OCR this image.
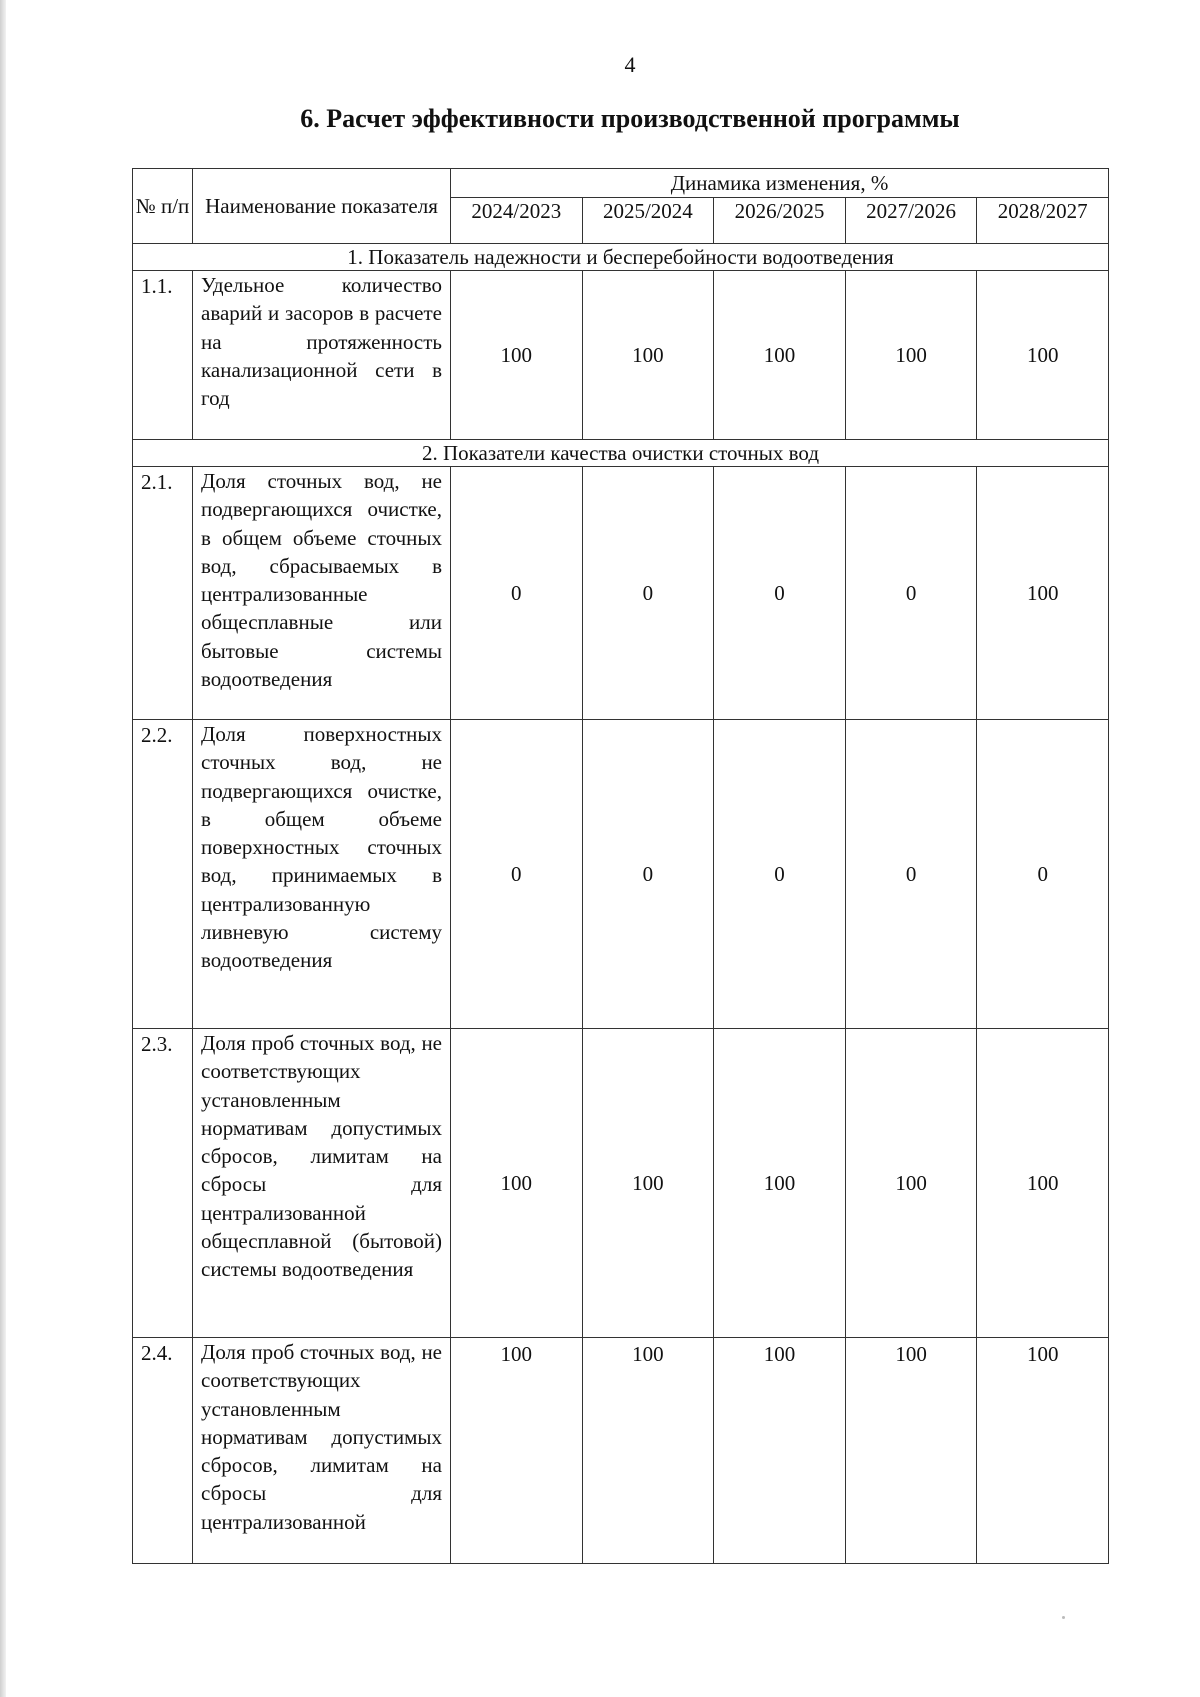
4
6. Расчет эффективности производственной программы
№ п/п	Наименование показателя	Динамика изменения, %				
		2024/2023	2025/2024	2026/2025	2027/2026	2028/2027
1. Показатель надежности и бесперебойности водоотведения						
1.1.	Удельное количество аварий и засоров в расчете на протяженность канализационной сети в год	100	100	100	100	100
2. Показатели качества очистки сточных вод						
2.1.	Доля сточных вод, не подвергающихся очистке, в общем объеме сточных вод, сбрасываемых в централизованные общесплавные или бытовые системы водоотведения	0	0	0	0	100
2.2.	Доля поверхностных сточных вод, не подвергающихся очистке, в общем объеме поверхностных сточных вод, принимаемых в централизованную ливневую систему водоотведения	0	0	0	0	0
2.3.	Доля проб сточных вод, не соответствующих установленным нормативам допустимых сбросов, лимитам на сбросы для централизованной общесплавной (бытовой) системы водоотведения	100	100	100	100	100
2.4.	Доля проб сточных вод, не соответствующих установленным нормативам допустимых сбросов, лимитам на сбросы для централизованной	100	100	100	100	100
